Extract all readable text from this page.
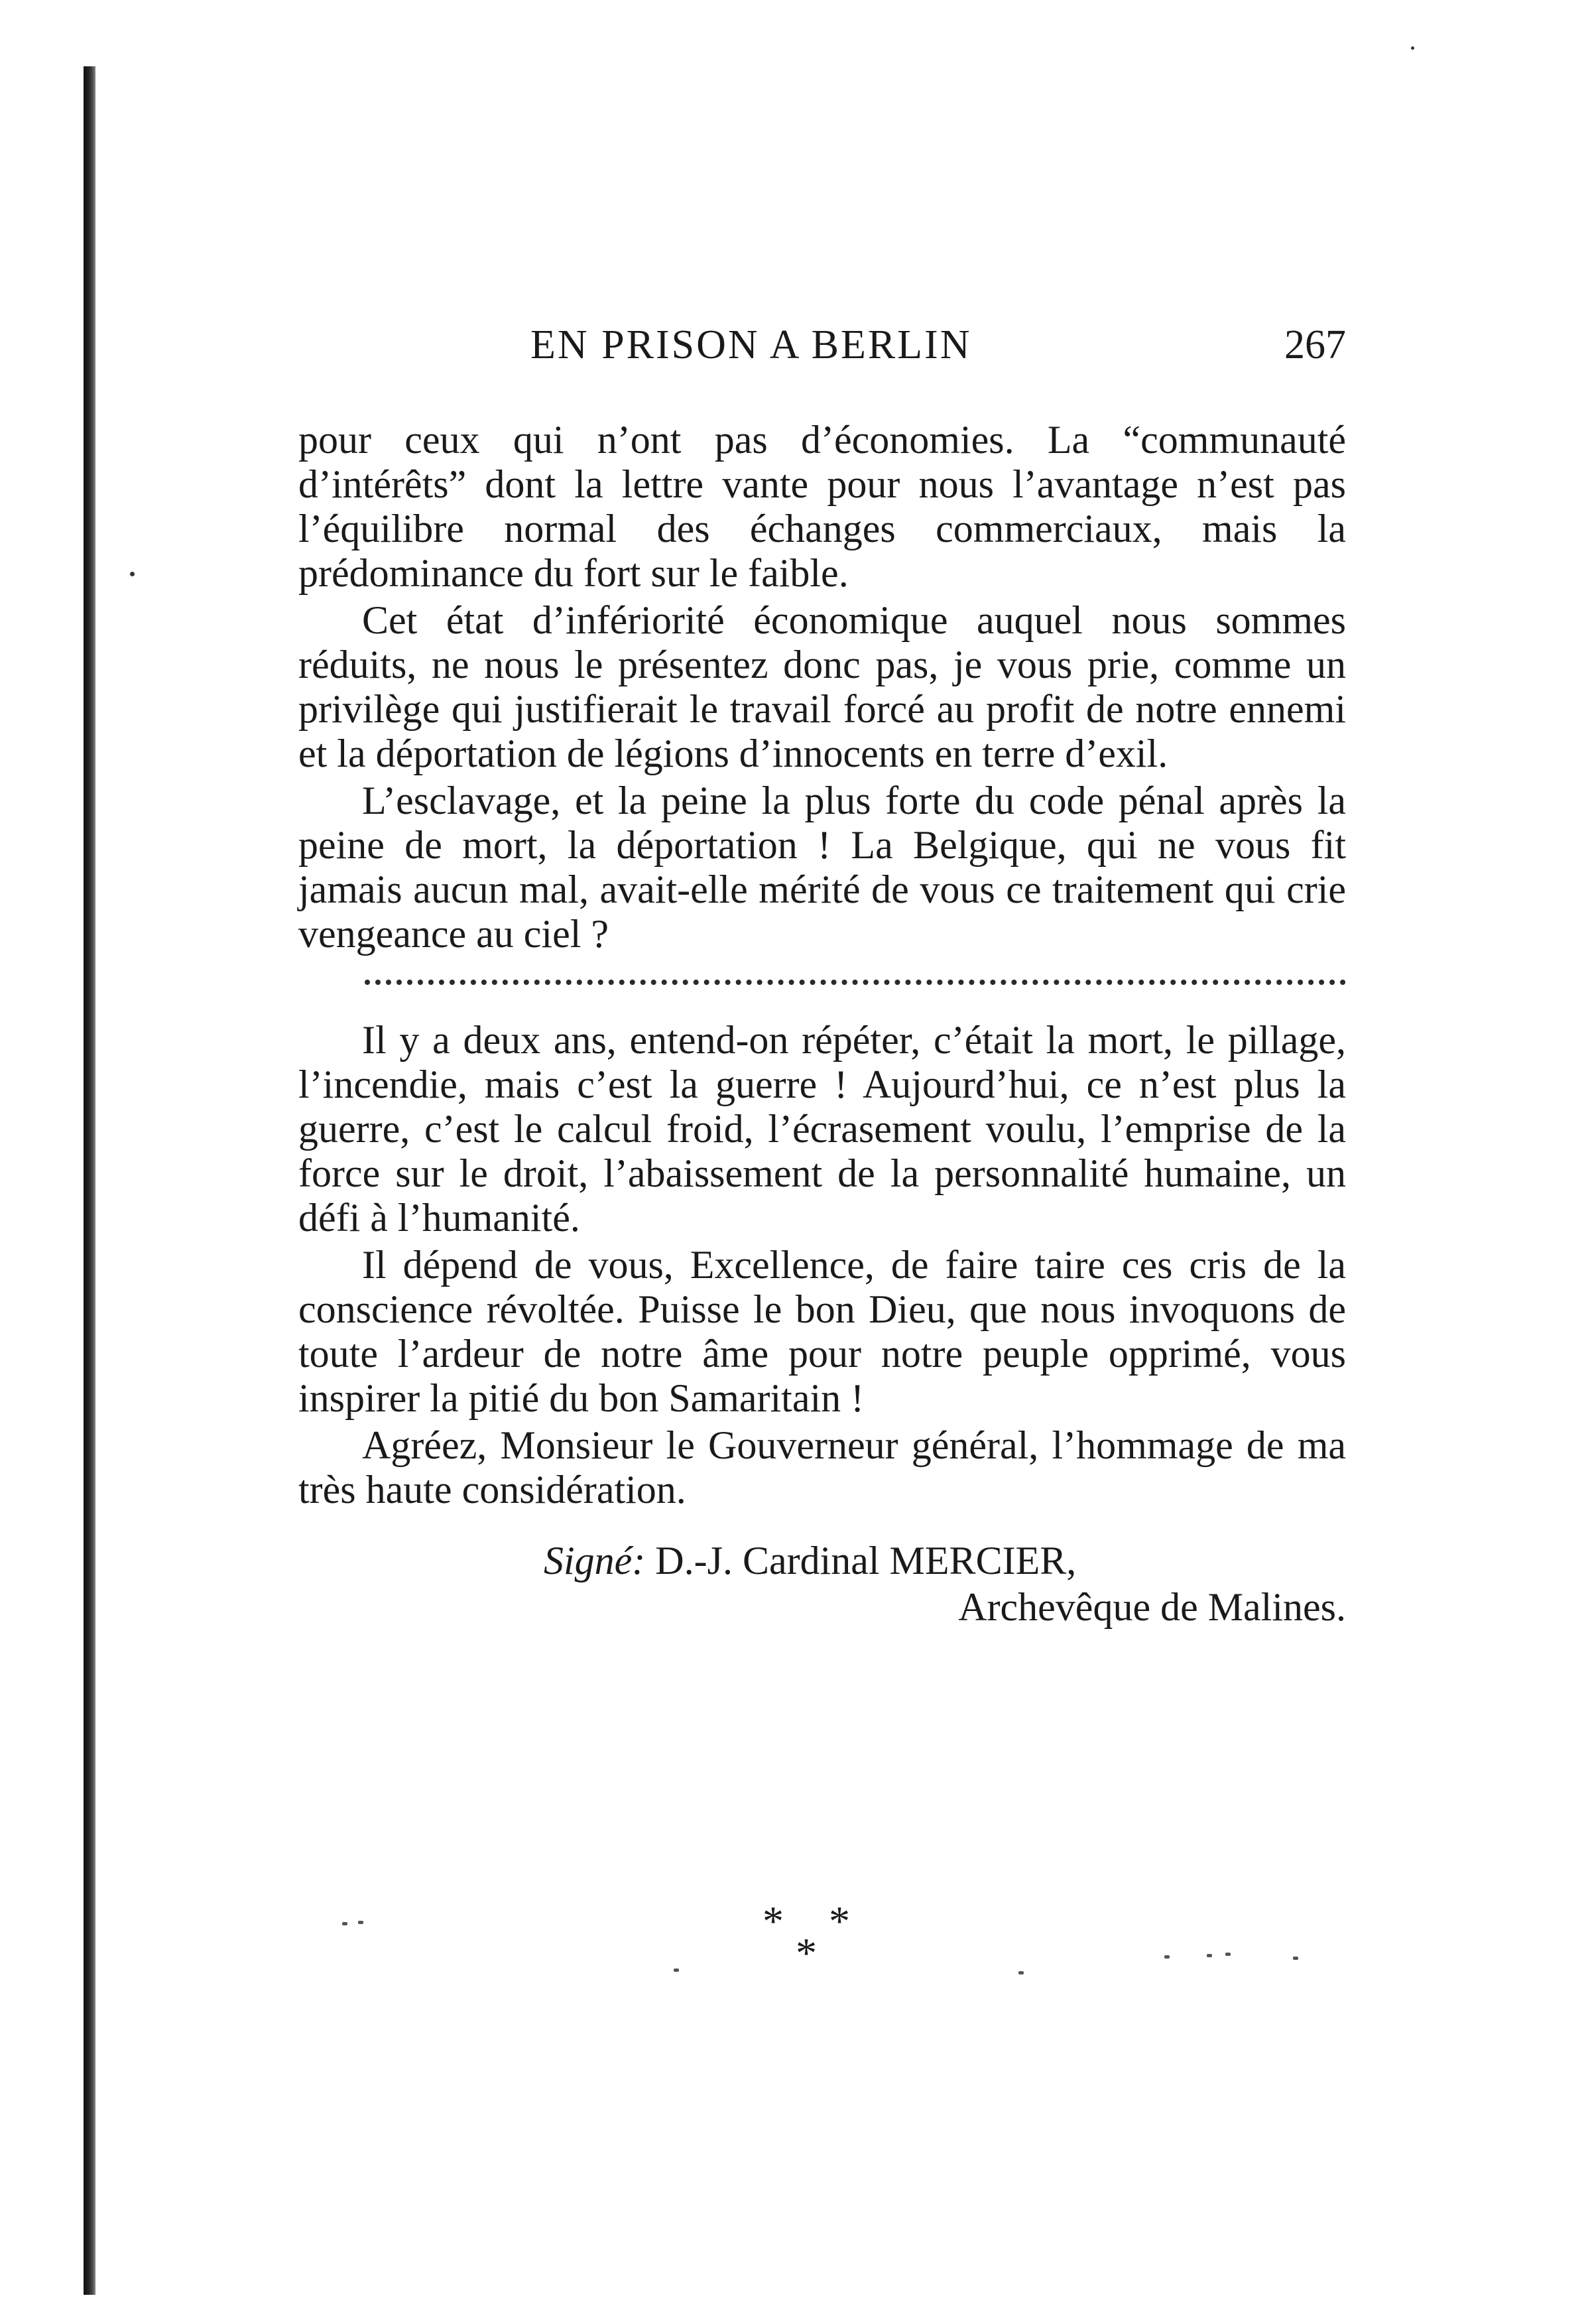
EN PRISON A BERLIN	267

pour ceux qui n’ont pas d’économies. La “communauté d’intérêts” dont la lettre vante pour nous l’avantage n’est pas l’équilibre normal des échanges commerciaux, mais la prédominance du fort sur le faible.

Cet état d’infériorité économique auquel nous sommes réduits, ne nous le présentez donc pas, je vous prie, comme un privilège qui justifierait le travail forcé au profit de notre ennemi et la déportation de légions d’innocents en terre d’exil.

L’esclavage, et la peine la plus forte du code pénal après la peine de mort, la déportation ! La Belgique, qui ne vous fit jamais aucun mal, avait-elle mérité de vous ce traitement qui crie vengeance au ciel ?

Il y a deux ans, entend-on répéter, c’était la mort, le pillage, l’incendie, mais c’est la guerre ! Aujourd’hui, ce n’est plus la guerre, c’est le calcul froid, l’écrasement voulu, l’emprise de la force sur le droit, l’abaissement de la personnalité humaine, un défi à l’humanité.

Il dépend de vous, Excellence, de faire taire ces cris de la conscience révoltée. Puisse le bon Dieu, que nous invoquons de toute l’ardeur de notre âme pour notre peuple opprimé, vous inspirer la pitié du bon Samaritain !

Agréez, Monsieur le Gouverneur général, l’hommage de ma très haute considération.

Signé: D.-J. Cardinal MERCIER,
Archevêque de Malines.
* *
*
